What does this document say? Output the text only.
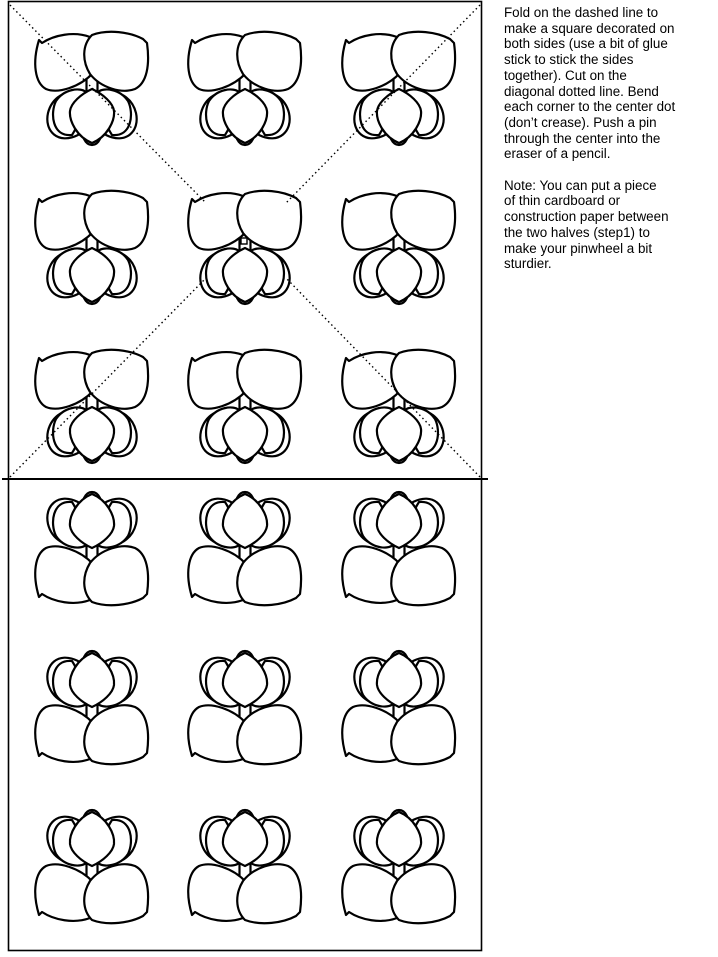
Fold on the dashed line to
make a square decorated on
both sides (use a bit of glue
stick to stick the sides
together). Cut on the
diagonal dotted line. Bend
each corner to the center dot
(don’t crease). Push a pin
through the center into the
eraser of a pencil.

Note: You can put a piece
of thin cardboard or
construction paper between
the two halves (step1) to
make your pinwheel a bit
sturdier.
